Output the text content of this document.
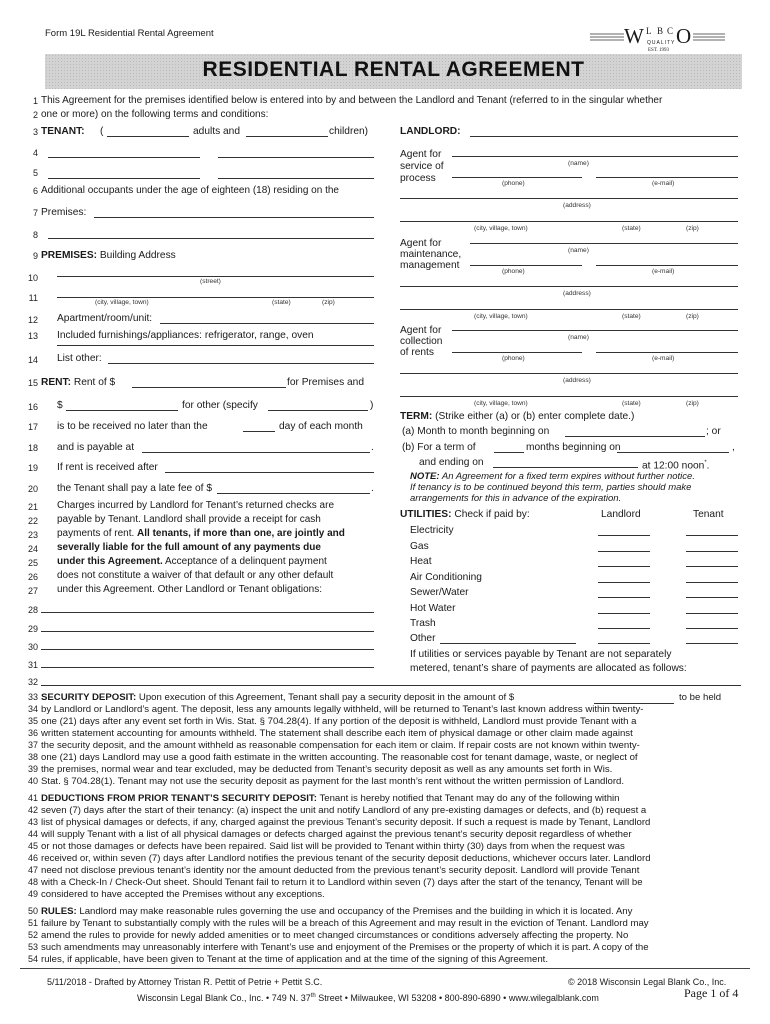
Form 19L Residential Rental Agreement	W L B C O
QUALITY
EST. 1993
RESIDENTIAL RENTAL AGREEMENT
1
2
3
4
5
6
7
8
9
10
11
12
13
14
15
16
17
18
19
20
21
22
23
24
25
26
27
28
29
30
31
32
33
34
35
36
37
38
39
40
41
42
43
44
45
46
47
48
49
50
51
52
53
54
This Agreement for the premises identified below is entered into by and between the Landlord and Tenant (referred to in the singular whether
one or more) on the following terms and conditions:
TENANT: (	adults and	children)
Additional occupants under the age of eighteen (18) residing on the
Premises:
PREMISES: Building Address
(street)
(city, village, town)	(state)	(zip)
Apartment/room/unit:
Included furnishings/appliances: refrigerator, range, oven
List other:
RENT: Rent of $	for Premises and
$	for other (specify	)
is to be received no later than the	day of each month
and is payable at	.
If rent is received after
the Tenant shall pay a late fee of $	.
Charges incurred by Landlord for Tenant’s returned checks are
payable by Tenant. Landlord shall provide a receipt for cash
payments of rent. All tenants, if more than one, are jointly and
severally liable for the full amount of any payments due
under this Agreement. Acceptance of a delinquent payment
does not constitute a waiver of that default or any other default
under this Agreement. Other Landlord or Tenant obligations:
LANDLORD:
Agent for
service of
process
(name)
(phone)	(e-mail)
(address)
(city, village, town)	(state)	(zip)
Agent for
maintenance,
management
(name)
(phone)	(e-mail)
(address)
(city, village, town)	(state)	(zip)
Agent for
collection
of rents
(name)
(phone)	(e-mail)
(address)
(city, village, town)	(state)	(zip)
TERM: (Strike either (a) or (b) enter complete date.)
(a) Month to month beginning on	; or
(b) For a term of	months beginning on	,
and ending on	at 12:00 noon*.
NOTE: An Agreement for a fixed term expires without further notice.
If tenancy is to be continued beyond this term, parties should make
arrangements for this in advance of the expiration.
UTILITIES: Check if paid by:	Landlord	Tenant
Electricity
Gas
Heat
Air Conditioning
Sewer/Water
Hot Water
Trash
Other
If utilities or services payable by Tenant are not separately
metered, tenant’s share of payments are allocated as follows:
SECURITY DEPOSIT: Upon execution of this Agreement, Tenant shall pay a security deposit in the amount of $	to be held
by Landlord or Landlord’s agent. The deposit, less any amounts legally withheld, will be returned to Tenant’s last known address within twenty-
one (21) days after any event set forth in Wis. Stat. § 704.28(4). If any portion of the deposit is withheld, Landlord must provide Tenant with a
written statement accounting for amounts withheld. The statement shall describe each item of physical damage or other claim made against
the security deposit, and the amount withheld as reasonable compensation for each item or claim. If repair costs are not known within twenty-
one (21) days Landlord may use a good faith estimate in the written accounting. The reasonable cost for tenant damage, waste, or neglect of
the premises, normal wear and tear excluded, may be deducted from Tenant’s security deposit as well as any amounts set forth in Wis.
Stat. § 704.28(1). Tenant may not use the security deposit as payment for the last month’s rent without the written permission of Landlord.
DEDUCTIONS FROM PRIOR TENANT’S SECURITY DEPOSIT: Tenant is hereby notified that Tenant may do any of the following within
seven (7) days after the start of their tenancy: (a) inspect the unit and notify Landlord of any pre-existing damages or defects, and (b) request a
list of physical damages or defects, if any, charged against the previous Tenant’s security deposit. If such a request is made by Tenant, Landlord
will supply Tenant with a list of all physical damages or defects charged against the previous tenant’s security deposit regardless of whether
or not those damages or defects have been repaired. Said list will be provided to Tenant within thirty (30) days from when the request was
received or, within seven (7) days after Landlord notifies the previous tenant of the security deposit deductions, whichever occurs later. Landlord
need not disclose previous tenant’s identity nor the amount deducted from the previous tenant’s security deposit. Landlord will provide Tenant
with a Check-In / Check-Out sheet. Should Tenant fail to return it to Landlord within seven (7) days after the start of the tenancy, Tenant will be
considered to have accepted the Premises without any exceptions.
RULES: Landlord may make reasonable rules governing the use and occupancy of the Premises and the building in which it is located. Any
failure by Tenant to substantially comply with the rules will be a breach of this Agreement and may result in the eviction of Tenant. Landlord may
amend the rules to provide for newly added amenities or to meet changed circumstances or conditions adversely affecting the property. No
such amendments may unreasonably interfere with Tenant’s use and enjoyment of the Premises or the property of which it is part. A copy of the
rules, if applicable, have been given to Tenant at the time of application and at the time of the signing of this Agreement.
5/11/2018 - Drafted by Attorney Tristan R. Pettit of Petrie + Pettit S.C.	© 2018 Wisconsin Legal Blank Co., Inc.
Wisconsin Legal Blank Co., Inc. • 749 N. 37th Street • Milwaukee, WI 53208 • 800-890-6890 • www.wilegalblank.com	Page 1 of 4
